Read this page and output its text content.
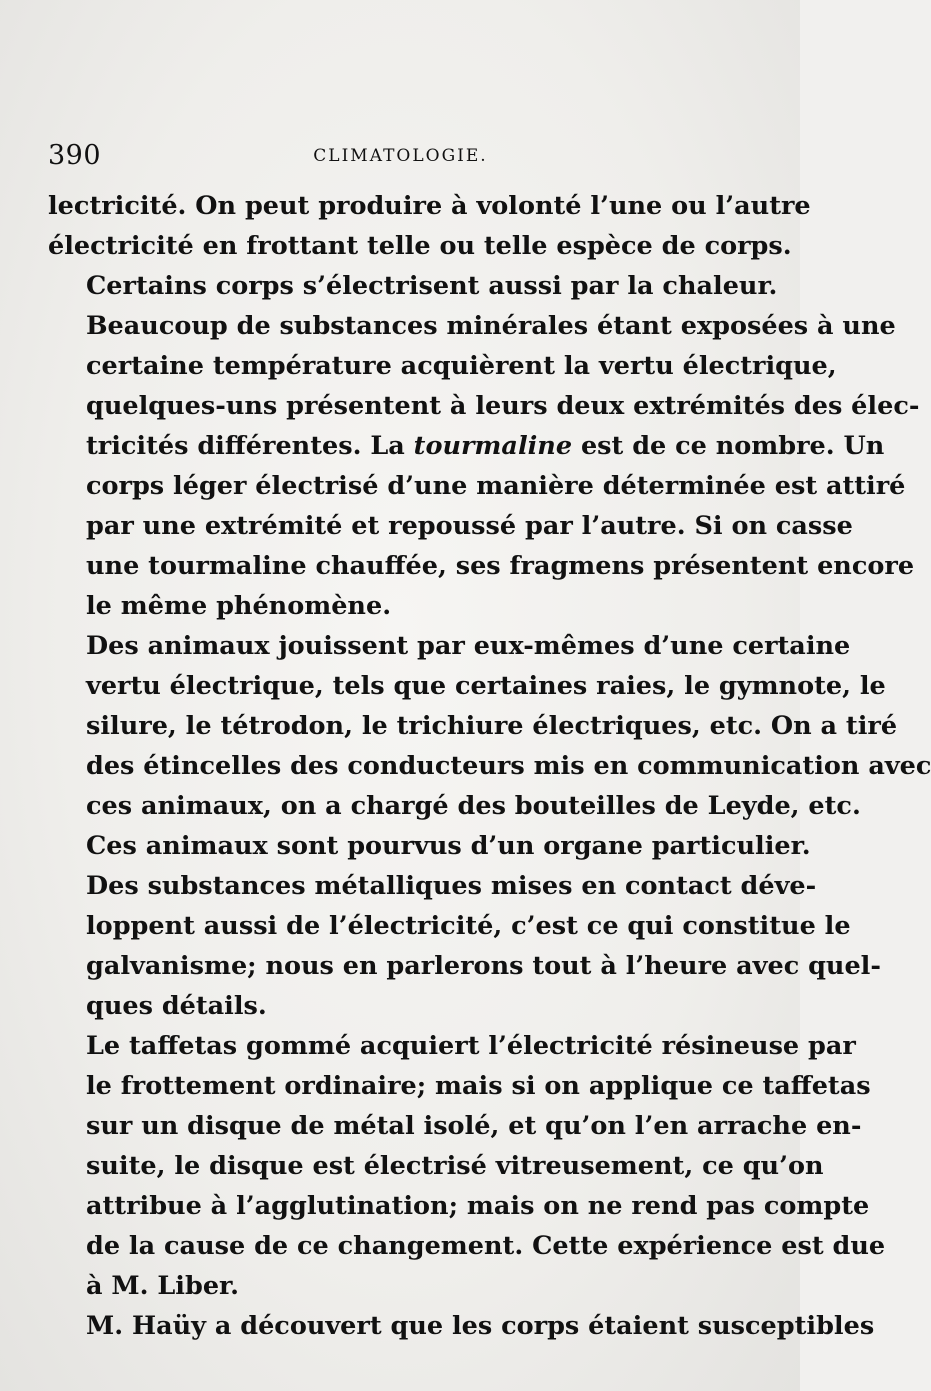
390	CLIMATOLOGIE.

lectricité. On peut produire à volonté l’une ou l’autre
électricité en frottant telle ou telle espèce de corps.

Certains corps s’électrisent aussi par la chaleur.
Beaucoup de substances minérales étant exposées à une
certaine température acquièrent la vertu électrique,
quelques-uns présentent à leurs deux extrémités des élec-
tricités différentes. La tourmaline est de ce nombre. Un
corps léger électrisé d’une manière déterminée est attiré
par une extrémité et repoussé par l’autre. Si on casse
une tourmaline chauffée, ses fragmens présentent encore
le même phénomène.

Des animaux jouissent par eux-mêmes d’une certaine
vertu électrique, tels que certaines raies, le gymnote, le
silure, le tétrodon, le trichiure électriques, etc. On a tiré
des étincelles des conducteurs mis en communication avec
ces animaux, on a chargé des bouteilles de Leyde, etc.
Ces animaux sont pourvus d’un organe particulier.

Des substances métalliques mises en contact déve-
loppent aussi de l’électricité, c’est ce qui constitue le
galvanisme; nous en parlerons tout à l’heure avec quel-
ques détails.

Le taffetas gommé acquiert l’électricité résineuse par
le frottement ordinaire; mais si on applique ce taffetas
sur un disque de métal isolé, et qu’on l’en arrache en-
suite, le disque est électrisé vitreusement, ce qu’on
attribue à l’agglutination; mais on ne rend pas compte
de la cause de ce changement. Cette expérience est due
à M. Liber.

M. Haüy a découvert que les corps étaient susceptibles
